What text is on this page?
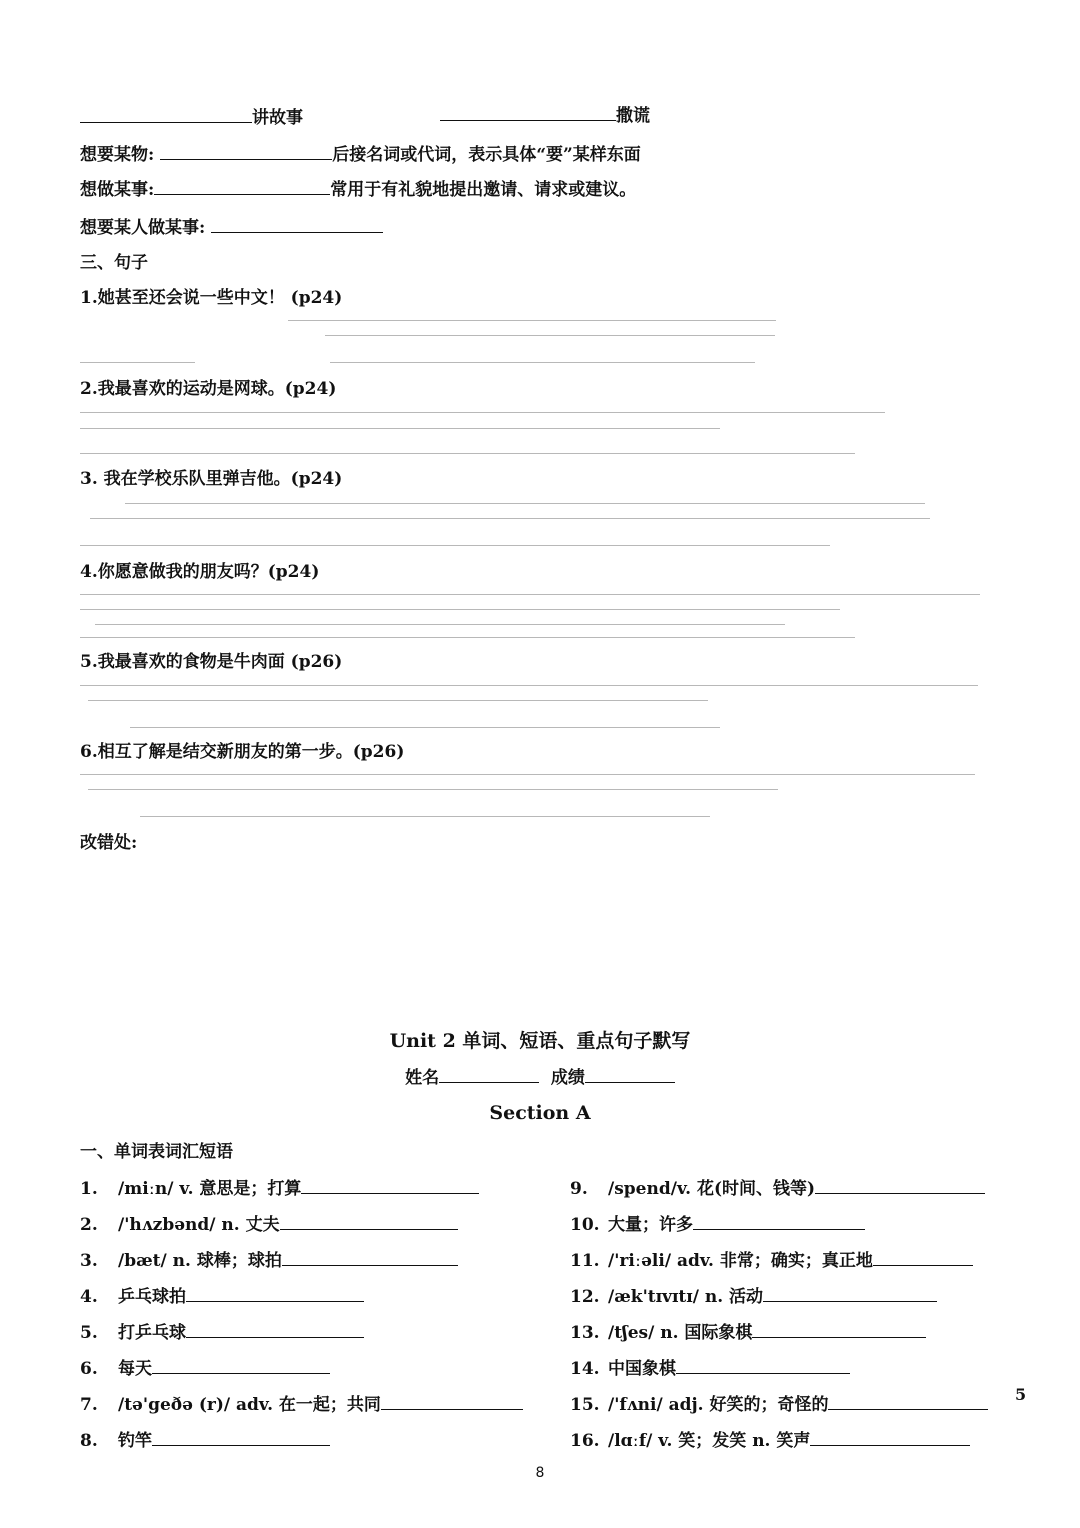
讲故事	撒谎
想要某物:	后接名词或代词，表示具体“要”某样东面
想做某事:	常用于有礼貌地提出邀请、请求或建议。
想要某人做某事:
三、句子
1.她甚至还会说一些中文！ (p24)
2.我最喜欢的运动是网球。(p24)
3. 我在学校乐队里弹吉他。(p24)
4.你愿意做我的朋友吗？(p24)
5.我最喜欢的食物是牛肉面 (p26)
6.相互了解是结交新朋友的第一步。(p26)
改错处:
Unit 2 单词、短语、重点句子默写
姓名	成绩
Section A
一、单词表词汇短语
1. /miːn/ v. 意思是；打算
2. /'hʌzbənd/ n. 丈夫
3. /bæt/ n. 球棒；球拍
4. 乒乓球拍
5. 打乒乓球
6. 每天
7. /tə'geðə (r)/ adv. 在一起；共同
8. 钓竿
9. /spend/v. 花(时间、钱等)
10. 大量；许多
11. /'riːəli/ adv. 非常；确实；真正地
12. /æk'tɪvɪtɪ/ n. 活动
13. /tʃes/ n. 国际象棋
14. 中国象棋
15. /'fʌni/ adj. 好笑的；奇怪的
16. /lɑːf/ v. 笑；发笑 n. 笑声
5
8
